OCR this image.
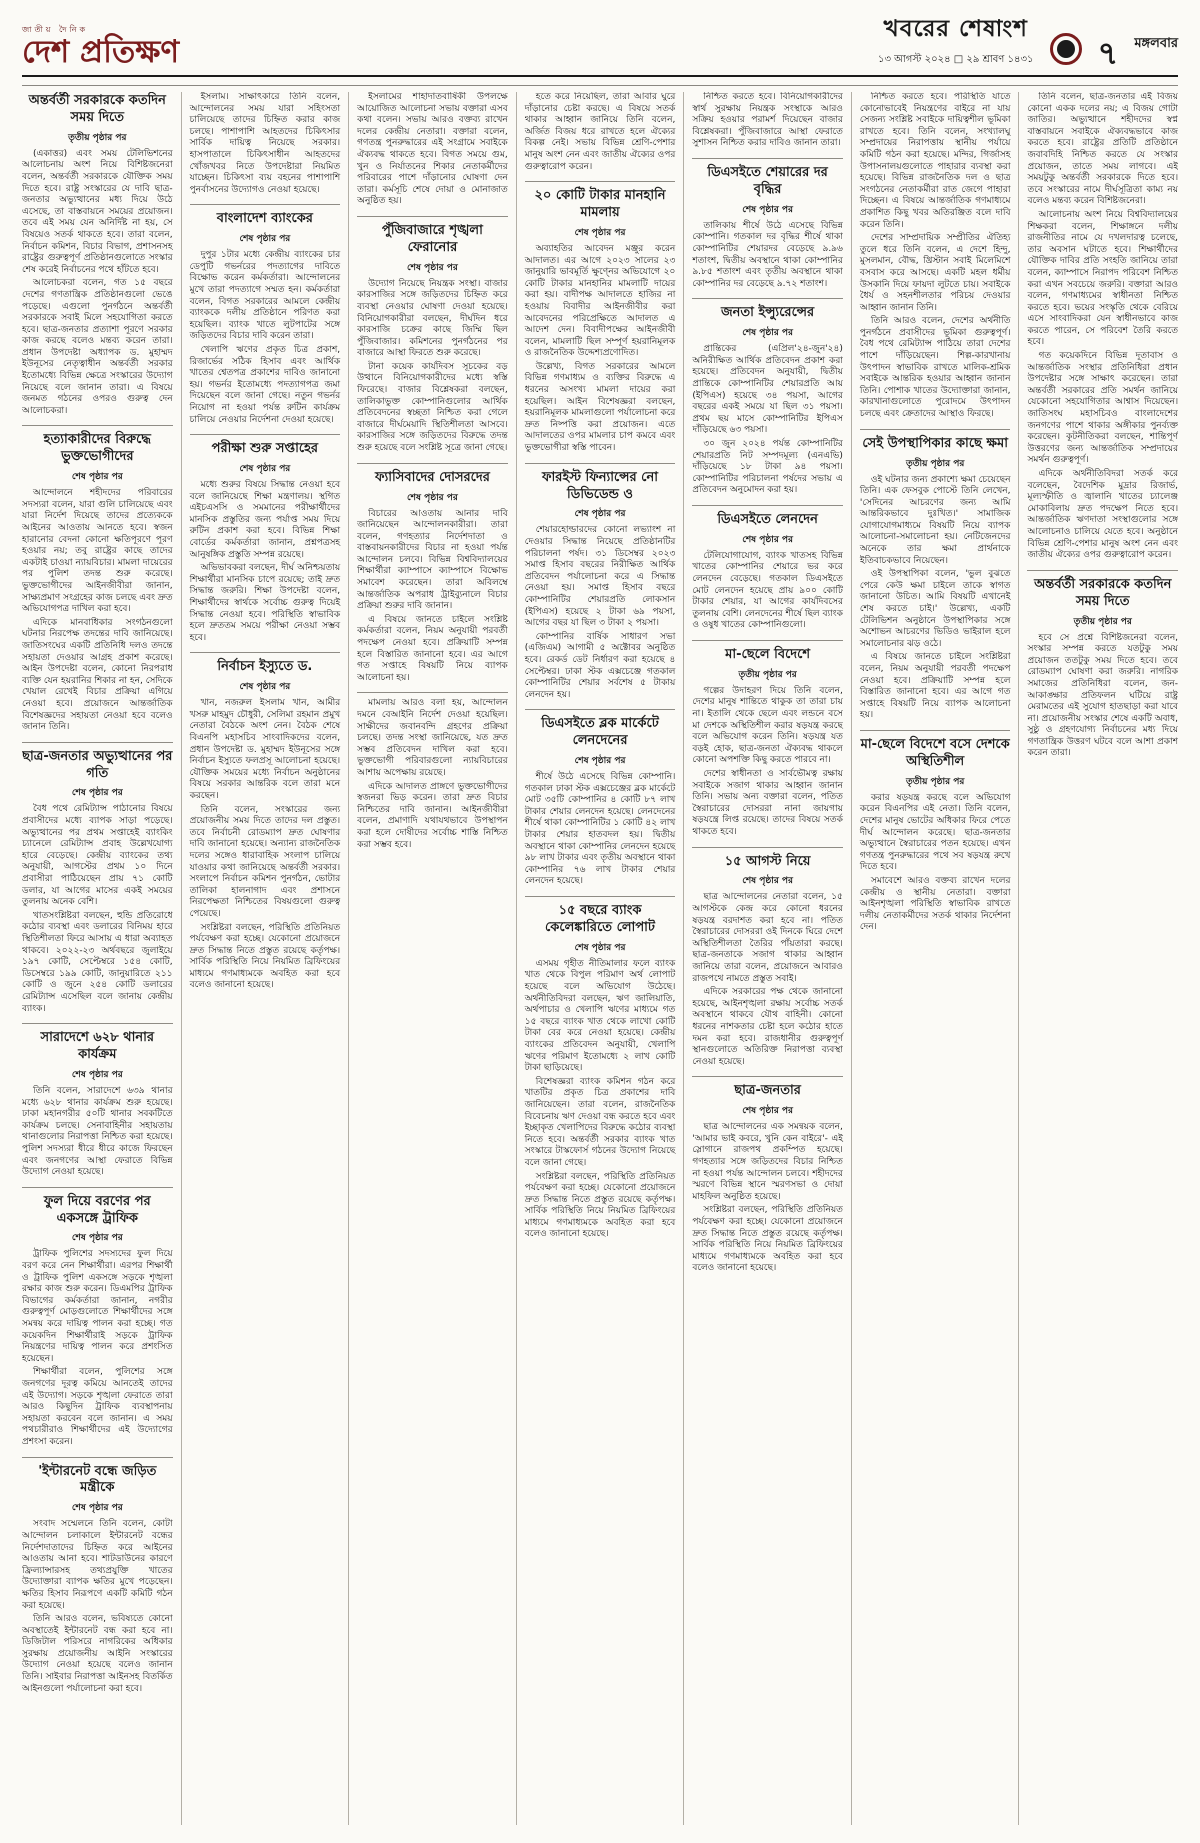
জাতীয় দৈনিক
দেশ প্রতিক্ষণ
খবরের শেষাংশ
১৩ আগস্ট ২০২৪ □ ২৯ শ্রাবণ ১৪৩১ ৭ মঙ্গলবার
অন্তর্বর্তী সরকারকে কতদিন সময় দিতে
তৃতীয় পৃষ্ঠার পর

(একাত্তর) এবং সময় টেলিভিশনের আলোচনায় অংশ নিয়ে বিশিষ্টজনেরা বলেন, অন্তর্বর্তী সরকারকে যৌক্তিক সময় দিতে হবে। রাষ্ট্র সংস্কারের যে দাবি ছাত্র-জনতার অভ্যুত্থানের মধ্য দিয়ে উঠে এসেছে, তা বাস্তবায়নে সময়ের প্রয়োজন। তবে এই সময় যেন অনির্দিষ্ট না হয়, সে বিষয়েও সতর্ক থাকতে হবে। তারা বলেন, নির্বাচন কমিশন, বিচার বিভাগ, প্রশাসনসহ রাষ্ট্রের গুরুত্বপূর্ণ প্রতিষ্ঠানগুলোতে সংস্কার শেষ করেই নির্বাচনের পথে হাঁটতে হবে।

আলোচকরা বলেন, গত ১৫ বছরে দেশের গণতান্ত্রিক প্রতিষ্ঠানগুলো ভেঙে পড়েছে। এগুলো পুনর্গঠনে অন্তর্বর্তী সরকারকে সবাই মিলে সহযোগিতা করতে হবে। ছাত্র-জনতার প্রত্যাশা পূরণে সরকার কাজ করছে বলেও মন্তব্য করেন তারা। প্রধান উপদেষ্টা অধ্যাপক ড. মুহাম্মদ ইউনূসের নেতৃত্বাধীন অন্তর্বর্তী সরকার ইতোমধ্যে বিভিন্ন ক্ষেত্রে সংস্কারের উদ্যোগ নিয়েছে বলে জানান তারা। এ বিষয়ে জনমত গঠনের ওপরও গুরুত্ব দেন আলোচকরা।

হত্যাকারীদের বিরুদ্ধে ভুক্তভোগীদের
শেষ পৃষ্ঠার পর

আন্দোলনে শহীদদের পরিবারের সদস্যরা বলেন, যারা গুলি চালিয়েছে এবং যারা নির্দেশ দিয়েছে তাদের প্রত্যেককে আইনের আওতায় আনতে হবে। স্বজন হারানোর বেদনা কোনো ক্ষতিপূরণে পূরণ হওয়ার নয়; তবু রাষ্ট্রের কাছে তাদের একটাই চাওয়া ন্যায়বিচার। মামলা দায়েরের পর পুলিশ তদন্ত শুরু করেছে। ভুক্তভোগীদের আইনজীবীরা জানান, সাক্ষ্যপ্রমাণ সংগ্রহের কাজ চলছে এবং দ্রুত অভিযোগপত্র দাখিল করা হবে।

এদিকে মানবাধিকার সংগঠনগুলো ঘটনার নিরপেক্ষ তদন্তের দাবি জানিয়েছে। জাতিসংঘের একটি প্রতিনিধি দলও তদন্তে সহায়তা দেওয়ার আগ্রহ প্রকাশ করেছে। আইন উপদেষ্টা বলেন, কোনো নিরপরাধ ব্যক্তি যেন হয়রানির শিকার না হন, সেদিকে খেয়াল রেখেই বিচার প্রক্রিয়া এগিয়ে নেওয়া হবে। প্রয়োজনে আন্তর্জাতিক বিশেষজ্ঞদের সহায়তা নেওয়া হবে বলেও জানান তিনি।

ছাত্র-জনতার অভ্যুত্থানের পর গতি
শেষ পৃষ্ঠার পর

বৈধ পথে রেমিট্যান্স পাঠানোর বিষয়ে প্রবাসীদের মধ্যে ব্যাপক সাড়া পড়েছে। অভ্যুত্থানের পর প্রথম সপ্তাহেই ব্যাংকিং চ্যানেলে রেমিট্যান্স প্রবাহ উল্লেখযোগ্য হারে বেড়েছে। কেন্দ্রীয় ব্যাংকের তথ্য অনুযায়ী, আগস্টের প্রথম ১০ দিনে প্রবাসীরা পাঠিয়েছেন প্রায় ৭১ কোটি ডলার, যা আগের মাসের একই সময়ের তুলনায় অনেক বেশি।

খাতসংশ্লিষ্টরা বলছেন, হুন্ডি প্রতিরোধে কঠোর ব্যবস্থা এবং ডলারের বিনিময় হারে স্থিতিশীলতা ফিরে আসায় এ ধারা অব্যাহত থাকবে। ২০২২-২৩ অর্থবছরে জুলাইয়ে ১৯৭ কোটি, সেপ্টেম্বরে ১৫৪ কোটি, ডিসেম্বরে ১৯৯ কোটি, জানুয়ারিতে ২১১ কোটি ও জুনে ২৫৪ কোটি ডলারের রেমিট্যান্স এসেছিল বলে জানায় কেন্দ্রীয় ব্যাংক।

সারাদেশে ৬২৮ থানার কার্যক্রম
শেষ পৃষ্ঠার পর

তিনি বলেন, সারাদেশে ৬৩৯ থানার মধ্যে ৬২৮ থানার কার্যক্রম শুরু হয়েছে। ঢাকা মহানগরীর ৫০টি থানার সবকটিতে কার্যক্রম চলছে। সেনাবাহিনীর সহায়তায় থানাগুলোর নিরাপত্তা নিশ্চিত করা হয়েছে। পুলিশ সদস্যরা ধীরে ধীরে কাজে ফিরছেন এবং জনগণের আস্থা ফেরাতে বিভিন্ন উদ্যোগ নেওয়া হয়েছে।

ফুল দিয়ে বরণের পর একসঙ্গে ট্রাফিক
শেষ পৃষ্ঠার পর

ট্রাফিক পুলিশের সদস্যদের ফুল দিয়ে বরণ করে নেন শিক্ষার্থীরা। এরপর শিক্ষার্থী ও ট্রাফিক পুলিশ একসঙ্গে সড়কে শৃঙ্খলা রক্ষার কাজ শুরু করেন। ডিএমপির ট্রাফিক বিভাগের কর্মকর্তারা জানান, নগরীর গুরুত্বপূর্ণ মোড়গুলোতে শিক্ষার্থীদের সঙ্গে সমন্বয় করে দায়িত্ব পালন করা হচ্ছে। গত কয়েকদিন শিক্ষার্থীরাই সড়কে ট্রাফিক নিয়ন্ত্রণের দায়িত্ব পালন করে প্রশংসিত হয়েছেন।

শিক্ষার্থীরা বলেন, পুলিশের সঙ্গে জনগণের দূরত্ব কমিয়ে আনতেই তাদের এই উদ্যোগ। সড়কে শৃঙ্খলা ফেরাতে তারা আরও কিছুদিন ট্রাফিক ব্যবস্থাপনায় সহায়তা করবেন বলে জানান। এ সময় পথচারীরাও শিক্ষার্থীদের এই উদ্যোগের প্রশংসা করেন।

'ইন্টারনেট বন্ধে জড়িত মন্ত্রীকে
শেষ পৃষ্ঠার পর

সংবাদ সম্মেলনে তিনি বলেন, কোটা আন্দোলন চলাকালে ইন্টারনেট বন্ধের নির্দেশদাতাদের চিহ্নিত করে আইনের আওতায় আনা হবে। শাটডাউনের কারণে ফ্রিল্যান্সারসহ তথ্যপ্রযুক্তি খাতের উদ্যোক্তারা ব্যাপক ক্ষতির মুখে পড়েছেন। ক্ষতির হিসাব নিরূপণে একটি কমিটি গঠন করা হয়েছে।

তিনি আরও বলেন, ভবিষ্যতে কোনো অবস্থাতেই ইন্টারনেট বন্ধ করা হবে না। ডিজিটাল পরিসরে নাগরিকের অধিকার সুরক্ষায় প্রয়োজনীয় আইনি সংস্কারের উদ্যোগ নেওয়া হয়েছে বলেও জানান তিনি। সাইবার নিরাপত্তা আইনসহ বিতর্কিত আইনগুলো পর্যালোচনা করা হবে।

ইসলাম। সাক্ষাৎকারে তিনি বলেন, আন্দোলনের সময় যারা সহিংসতা চালিয়েছে তাদের চিহ্নিত করার কাজ চলছে। পাশাপাশি আহতদের চিকিৎসার সার্বিক দায়িত্ব নিয়েছে সরকার। হাসপাতালে চিকিৎসাধীন আহতদের খোঁজখবর নিতে উপদেষ্টারা নিয়মিত যাচ্ছেন। চিকিৎসা ব্যয় বহনের পাশাপাশি পুনর্বাসনের উদ্যোগও নেওয়া হয়েছে।

বাংলাদেশ ব্যাংকের
শেষ পৃষ্ঠার পর

দুপুর ১টার মধ্যে কেন্দ্রীয় ব্যাংকের চার ডেপুটি গভর্নরের পদত্যাগের দাবিতে বিক্ষোভ করেন কর্মকর্তারা। আন্দোলনের মুখে তারা পদত্যাগে সম্মত হন। কর্মকর্তারা বলেন, বিগত সরকারের আমলে কেন্দ্রীয় ব্যাংককে দলীয় প্রতিষ্ঠানে পরিণত করা হয়েছিল। ব্যাংক খাতে লুটপাটের সঙ্গে জড়িতদের বিচার দাবি করেন তারা।

খেলাপি ঋণের প্রকৃত চিত্র প্রকাশ, রিজার্ভের সঠিক হিসাব এবং আর্থিক খাতের শ্বেতপত্র প্রকাশের দাবিও জানানো হয়। গভর্নর ইতোমধ্যে পদত্যাগপত্র জমা দিয়েছেন বলে জানা গেছে। নতুন গভর্নর নিয়োগ না হওয়া পর্যন্ত রুটিন কার্যক্রম চালিয়ে নেওয়ার নির্দেশনা দেওয়া হয়েছে।

পরীক্ষা শুরু সপ্তাহের
শেষ পৃষ্ঠার পর

মধ্যে শুরুর বিষয়ে সিদ্ধান্ত নেওয়া হবে বলে জানিয়েছে শিক্ষা মন্ত্রণালয়। স্থগিত এইচএসসি ও সমমানের পরীক্ষার্থীদের মানসিক প্রস্তুতির জন্য পর্যাপ্ত সময় দিয়ে রুটিন প্রকাশ করা হবে। বিভিন্ন শিক্ষা বোর্ডের কর্মকর্তারা জানান, প্রশ্নপত্রসহ আনুষঙ্গিক প্রস্তুতি সম্পন্ন রয়েছে।

অভিভাবকরা বলছেন, দীর্ঘ অনিশ্চয়তায় শিক্ষার্থীরা মানসিক চাপে রয়েছে; তাই দ্রুত সিদ্ধান্ত জরুরি। শিক্ষা উপদেষ্টা বলেন, শিক্ষার্থীদের স্বার্থকে সর্বোচ্চ গুরুত্ব দিয়েই সিদ্ধান্ত নেওয়া হবে। পরিস্থিতি স্বাভাবিক হলে দ্রুততম সময়ে পরীক্ষা নেওয়া সম্ভব হবে।

নির্বাচন ইস্যুতে ড.
শেষ পৃষ্ঠার পর

খান, নজরুল ইসলাম খান, আমীর খসরু মাহমুদ চৌধুরী, সেলিমা রহমান প্রমুখ নেতারা বৈঠকে অংশ নেন। বৈঠক শেষে বিএনপি মহাসচিব সাংবাদিকদের বলেন, প্রধান উপদেষ্টা ড. মুহাম্মদ ইউনূসের সঙ্গে নির্বাচন ইস্যুতে ফলপ্রসূ আলোচনা হয়েছে। যৌক্তিক সময়ের মধ্যে নির্বাচন অনুষ্ঠানের বিষয়ে সরকার আন্তরিক বলে তারা মনে করছেন।

তিনি বলেন, সংস্কারের জন্য প্রয়োজনীয় সময় দিতে তাদের দল প্রস্তুত। তবে নির্বাচনী রোডম্যাপ দ্রুত ঘোষণার দাবি জানানো হয়েছে। অন্যান্য রাজনৈতিক দলের সঙ্গেও ধারাবাহিক সংলাপ চালিয়ে যাওয়ার কথা জানিয়েছে অন্তর্বর্তী সরকার। সংলাপে নির্বাচন কমিশন পুনর্গঠন, ভোটার তালিকা হালনাগাদ এবং প্রশাসনে নিরপেক্ষতা নিশ্চিতের বিষয়গুলো গুরুত্ব পেয়েছে।

সংশ্লিষ্টরা বলছেন, পরিস্থিতি প্রতিনিয়ত পর্যবেক্ষণ করা হচ্ছে। যেকোনো প্রয়োজনে দ্রুত সিদ্ধান্ত নিতে প্রস্তুত রয়েছে কর্তৃপক্ষ। সার্বিক পরিস্থিতি নিয়ে নিয়মিত ব্রিফিংয়ের মাধ্যমে গণমাধ্যমকে অবহিত করা হবে বলেও জানানো হয়েছে।

ইসলামের শাহাদাতবার্ষিকী উপলক্ষে আয়োজিত আলোচনা সভায় বক্তারা এসব কথা বলেন। সভায় আরও বক্তব্য রাখেন দলের কেন্দ্রীয় নেতারা। বক্তারা বলেন, গণতন্ত্র পুনরুদ্ধারের এই সংগ্রামে সবাইকে ঐক্যবদ্ধ থাকতে হবে। বিগত সময়ে গুম, খুন ও নির্যাতনের শিকার নেতাকর্মীদের পরিবারের পাশে দাঁড়ানোর ঘোষণা দেন তারা। কর্মসূচি শেষে দোয়া ও মোনাজাত অনুষ্ঠিত হয়।

পুঁজিবাজারে শৃঙ্খলা ফেরানোর
শেষ পৃষ্ঠার পর

উদ্যোগ নিয়েছে নিয়ন্ত্রক সংস্থা। বাজার কারসাজির সঙ্গে জড়িতদের চিহ্নিত করে ব্যবস্থা নেওয়ার ঘোষণা দেওয়া হয়েছে। বিনিয়োগকারীরা বলছেন, দীর্ঘদিন ধরে কারসাজি চক্রের কাছে জিম্মি ছিল পুঁজিবাজার। কমিশনের পুনর্গঠনের পর বাজারে আস্থা ফিরতে শুরু করেছে।

টানা কয়েক কার্যদিবস সূচকের বড় উত্থানে বিনিয়োগকারীদের মধ্যে স্বস্তি ফিরেছে। বাজার বিশ্লেষকরা বলছেন, তালিকাভুক্ত কোম্পানিগুলোর আর্থিক প্রতিবেদনের স্বচ্ছতা নিশ্চিত করা গেলে বাজারে দীর্ঘমেয়াদি স্থিতিশীলতা আসবে। কারসাজির সঙ্গে জড়িতদের বিরুদ্ধে তদন্ত শুরু হয়েছে বলে সংশ্লিষ্ট সূত্রে জানা গেছে।

ফ্যাসিবাদের দোসরদের
শেষ পৃষ্ঠার পর

বিচারের আওতায় আনার দাবি জানিয়েছেন আন্দোলনকারীরা। তারা বলেন, গণহত্যার নির্দেশদাতা ও বাস্তবায়নকারীদের বিচার না হওয়া পর্যন্ত আন্দোলন চলবে। বিভিন্ন বিশ্ববিদ্যালয়ের শিক্ষার্থীরা ক্যাম্পাসে ক্যাম্পাসে বিক্ষোভ সমাবেশ করেছেন। তারা অবিলম্বে আন্তর্জাতিক অপরাধ ট্রাইব্যুনালে বিচার প্রক্রিয়া শুরুর দাবি জানান।

এ বিষয়ে জানতে চাইলে সংশ্লিষ্ট কর্মকর্তারা বলেন, নিয়ম অনুযায়ী পরবর্তী পদক্ষেপ নেওয়া হবে। প্রক্রিয়াটি সম্পন্ন হলে বিস্তারিত জানানো হবে। এর আগে গত সপ্তাহে বিষয়টি নিয়ে ব্যাপক আলোচনা হয়।

মামলায় আরও বলা হয়, আন্দোলন দমনে বেআইনি নির্দেশ দেওয়া হয়েছিল। সাক্ষীদের জবানবন্দি গ্রহণের প্রক্রিয়া চলছে। তদন্ত সংস্থা জানিয়েছে, যত দ্রুত সম্ভব প্রতিবেদন দাখিল করা হবে। ভুক্তভোগী পরিবারগুলো ন্যায়বিচারের আশায় অপেক্ষায় রয়েছে।

এদিকে আদালত প্রাঙ্গণে ভুক্তভোগীদের স্বজনরা ভিড় করেন। তারা দ্রুত বিচার নিশ্চিতের দাবি জানান। আইনজীবীরা বলেন, প্রমাণাদি যথাযথভাবে উপস্থাপন করা হলে দোষীদের সর্বোচ্চ শাস্তি নিশ্চিত করা সম্ভব হবে।

হতে করে নিয়েছিল, তারা আবার ঘুরে দাঁড়ানোর চেষ্টা করছে। এ বিষয়ে সতর্ক থাকার আহ্বান জানিয়ে তিনি বলেন, অর্জিত বিজয় ধরে রাখতে হলে ঐক্যের বিকল্প নেই। সভায় বিভিন্ন শ্রেণি-পেশার মানুষ অংশ নেন এবং জাতীয় ঐক্যের ওপর গুরুত্বারোপ করেন।

২০ কোটি টাকার মানহানি মামলায়
শেষ পৃষ্ঠার পর

অব্যাহতির আবেদন মঞ্জুর করেন আদালত। এর আগে ২০২৩ সালের ২৩ জানুয়ারি ভাবমূর্তি ক্ষুণ্নের অভিযোগে ২০ কোটি টাকার মানহানির মামলাটি দায়ের করা হয়। বাদীপক্ষ আদালতে হাজির না হওয়ায় বিবাদীর আইনজীবীর করা আবেদনের পরিপ্রেক্ষিতে আদালত এ আদেশ দেন। বিবাদীপক্ষের আইনজীবী বলেন, মামলাটি ছিল সম্পূর্ণ হয়রানিমূলক ও রাজনৈতিক উদ্দেশ্যপ্রণোদিত।

উল্লেখ্য, বিগত সরকারের আমলে বিভিন্ন গণমাধ্যম ও ব্যক্তির বিরুদ্ধে এ ধরনের অসংখ্য মামলা দায়ের করা হয়েছিল। আইন বিশেষজ্ঞরা বলছেন, হয়রানিমূলক মামলাগুলো পর্যালোচনা করে দ্রুত নিষ্পত্তি করা প্রয়োজন। এতে আদালতের ওপর মামলার চাপ কমবে এবং ভুক্তভোগীরা স্বস্তি পাবেন।

ফারইস্ট ফিন্যান্সের নো ডিভিডেন্ড ও
শেষ পৃষ্ঠার পর

শেয়ারহোল্ডারদের কোনো লভ্যাংশ না দেওয়ার সিদ্ধান্ত নিয়েছে প্রতিষ্ঠানটির পরিচালনা পর্ষদ। ৩১ ডিসেম্বর ২০২৩ সমাপ্ত হিসাব বছরের নিরীক্ষিত আর্থিক প্রতিবেদন পর্যালোচনা করে এ সিদ্ধান্ত নেওয়া হয়। সমাপ্ত হিসাব বছরে কোম্পানিটির শেয়ারপ্রতি লোকসান (ইপিএস) হয়েছে ২ টাকা ৬৯ পয়সা, আগের বছর যা ছিল ৩ টাকা ২ পয়সা।

কোম্পানির বার্ষিক সাধারণ সভা (এজিএম) আগামী ৫ অক্টোবর অনুষ্ঠিত হবে। রেকর্ড ডেট নির্ধারণ করা হয়েছে ৪ সেপ্টেম্বর। ঢাকা স্টক এক্সচেঞ্জে গতকাল কোম্পানিটির শেয়ার সর্বশেষ ৫ টাকায় লেনদেন হয়।

ডিএসইতে ব্লক মার্কেটে লেনদেনের
শেষ পৃষ্ঠার পর

শীর্ষে উঠে এসেছে বিভিন্ন কোম্পানি। গতকাল ঢাকা স্টক এক্সচেঞ্জের ব্লক মার্কেটে মোট ৩৫টি কোম্পানির ৪ কোটি ৮৭ লাখ টাকার শেয়ার লেনদেন হয়েছে। লেনদেনের শীর্ষে থাকা কোম্পানিটির ১ কোটি ৪২ লাখ টাকার শেয়ার হাতবদল হয়। দ্বিতীয় অবস্থানে থাকা কোম্পানির লেনদেন হয়েছে ৯৮ লাখ টাকার এবং তৃতীয় অবস্থানে থাকা কোম্পানির ৭৬ লাখ টাকার শেয়ার লেনদেন হয়েছে।

১৫ বছরে ব্যাংক কেলেঙ্কারিতে লোপাট
শেষ পৃষ্ঠার পর

এসময় গৃহীত নীতিমালার ফলে ব্যাংক খাত থেকে বিপুল পরিমাণ অর্থ লোপাট হয়েছে বলে অভিযোগ উঠেছে। অর্থনীতিবিদরা বলছেন, ঋণ জালিয়াতি, অর্থপাচার ও খেলাপি ঋণের মাধ্যমে গত ১৫ বছরে ব্যাংক খাত থেকে লাখো কোটি টাকা বের করে নেওয়া হয়েছে। কেন্দ্রীয় ব্যাংকের প্রতিবেদন অনুযায়ী, খেলাপি ঋণের পরিমাণ ইতোমধ্যে ২ লাখ কোটি টাকা ছাড়িয়েছে।

বিশেষজ্ঞরা ব্যাংক কমিশন গঠন করে খাতটির প্রকৃত চিত্র প্রকাশের দাবি জানিয়েছেন। তারা বলেন, রাজনৈতিক বিবেচনায় ঋণ দেওয়া বন্ধ করতে হবে এবং ইচ্ছাকৃত খেলাপিদের বিরুদ্ধে কঠোর ব্যবস্থা নিতে হবে। অন্তর্বর্তী সরকার ব্যাংক খাত সংস্কারে টাস্কফোর্স গঠনের উদ্যোগ নিয়েছে বলে জানা গেছে।

সংশ্লিষ্টরা বলছেন, পরিস্থিতি প্রতিনিয়ত পর্যবেক্ষণ করা হচ্ছে। যেকোনো প্রয়োজনে দ্রুত সিদ্ধান্ত নিতে প্রস্তুত রয়েছে কর্তৃপক্ষ। সার্বিক পরিস্থিতি নিয়ে নিয়মিত ব্রিফিংয়ের মাধ্যমে গণমাধ্যমকে অবহিত করা হবে বলেও জানানো হয়েছে।

নিশ্চিত করতে হবে। বিনিয়োগকারীদের স্বার্থ সুরক্ষায় নিয়ন্ত্রক সংস্থাকে আরও সক্রিয় হওয়ার পরামর্শ দিয়েছেন বাজার বিশ্লেষকরা। পুঁজিবাজারে আস্থা ফেরাতে সুশাসন নিশ্চিত করার দাবিও জানান তারা।

ডিএসইতে শেয়ারের দর বৃদ্ধির
শেষ পৃষ্ঠার পর

তালিকায় শীর্ষে উঠে এসেছে বিভিন্ন কোম্পানি। গতকাল দর বৃদ্ধির শীর্ষে থাকা কোম্পানিটির শেয়ারদর বেড়েছে ৯.৯৬ শতাংশ, দ্বিতীয় অবস্থানে থাকা কোম্পানির ৯.৮৫ শতাংশ এবং তৃতীয় অবস্থানে থাকা কোম্পানির দর বেড়েছে ৯.৭২ শতাংশ।

জনতা ইন্স্যুরেন্সের
শেষ পৃষ্ঠার পর

প্রান্তিকের (এপ্রিল'২৪-জুন'২৪) অনিরীক্ষিত আর্থিক প্রতিবেদন প্রকাশ করা হয়েছে। প্রতিবেদন অনুযায়ী, দ্বিতীয় প্রান্তিকে কোম্পানিটির শেয়ারপ্রতি আয় (ইপিএস) হয়েছে ৩৪ পয়সা, আগের বছরের একই সময়ে যা ছিল ৩১ পয়সা। প্রথম ছয় মাসে কোম্পানিটির ইপিএস দাঁড়িয়েছে ৬৩ পয়সা।

৩০ জুন ২০২৪ পর্যন্ত কোম্পানিটির শেয়ারপ্রতি নিট সম্পদমূল্য (এনএভি) দাঁড়িয়েছে ১৮ টাকা ৯৪ পয়সা। কোম্পানিটির পরিচালনা পর্ষদের সভায় এ প্রতিবেদন অনুমোদন করা হয়।

ডিএসইতে লেনদেন
শেষ পৃষ্ঠার পর

টেলিযোগাযোগ, ব্যাংক খাতসহ বিভিন্ন খাতের কোম্পানির শেয়ারে ভর করে লেনদেন বেড়েছে। গতকাল ডিএসইতে মোট লেনদেন হয়েছে প্রায় ৯০০ কোটি টাকার শেয়ার, যা আগের কার্যদিবসের তুলনায় বেশি। লেনদেনের শীর্ষে ছিল ব্যাংক ও ওষুধ খাতের কোম্পানিগুলো।

মা-ছেলে বিদেশে
তৃতীয় পৃষ্ঠার পর

গল্পের উদাহরণ দিয়ে তিনি বলেন, দেশের মানুষ শান্তিতে থাকুক তা তারা চায় না। ইতালি থেকে ছেলে এবং লন্ডনে বসে মা দেশকে অস্থিতিশীল করার ষড়যন্ত্র করছে বলে অভিযোগ করেন তিনি। ষড়যন্ত্র যত বড়ই হোক, ছাত্র-জনতা ঐক্যবদ্ধ থাকলে কোনো অপশক্তি কিছু করতে পারবে না।

দেশের স্বাধীনতা ও সার্বভৌমত্ব রক্ষায় সবাইকে সজাগ থাকার আহ্বান জানান তিনি। সভায় অন্য বক্তারা বলেন, পতিত স্বৈরাচারের দোসররা নানা জায়গায় ষড়যন্ত্রে লিপ্ত রয়েছে। তাদের বিষয়ে সতর্ক থাকতে হবে।

১৫ আগস্ট নিয়ে
শেষ পৃষ্ঠার পর

ছাত্র আন্দোলনের নেতারা বলেন, ১৫ আগস্টকে কেন্দ্র করে কোনো ধরনের ষড়যন্ত্র বরদাশত করা হবে না। পতিত স্বৈরাচারের দোসররা ওই দিনকে ঘিরে দেশে অস্থিতিশীলতা তৈরির পাঁয়তারা করছে। ছাত্র-জনতাকে সজাগ থাকার আহ্বান জানিয়ে তারা বলেন, প্রয়োজনে আবারও রাজপথে নামতে প্রস্তুত সবাই।

এদিকে সরকারের পক্ষ থেকে জানানো হয়েছে, আইনশৃঙ্খলা রক্ষায় সর্বোচ্চ সতর্ক অবস্থানে থাকবে যৌথ বাহিনী। কোনো ধরনের নাশকতার চেষ্টা হলে কঠোর হাতে দমন করা হবে। রাজধানীর গুরুত্বপূর্ণ স্থানগুলোতে অতিরিক্ত নিরাপত্তা ব্যবস্থা নেওয়া হয়েছে।

ছাত্র-জনতার
শেষ পৃষ্ঠার পর

ছাত্র আন্দোলনের এক সমন্বয়ক বলেন, 'আমার ভাই কবরে, খুনি কেন বাইরে'- এই স্লোগানে রাজপথ প্রকম্পিত হয়েছে। গণহত্যার সঙ্গে জড়িতদের বিচার নিশ্চিত না হওয়া পর্যন্ত আন্দোলন চলবে। শহীদদের স্মরণে বিভিন্ন স্থানে স্মরণসভা ও দোয়া মাহফিল অনুষ্ঠিত হয়েছে।

সংশ্লিষ্টরা বলছেন, পরিস্থিতি প্রতিনিয়ত পর্যবেক্ষণ করা হচ্ছে। যেকোনো প্রয়োজনে দ্রুত সিদ্ধান্ত নিতে প্রস্তুত রয়েছে কর্তৃপক্ষ। সার্বিক পরিস্থিতি নিয়ে নিয়মিত ব্রিফিংয়ের মাধ্যমে গণমাধ্যমকে অবহিত করা হবে বলেও জানানো হয়েছে।

নিশ্চিত করতে হবে। পরিস্থিতি যাতে কোনোভাবেই নিয়ন্ত্রণের বাইরে না যায় সেজন্য সংশ্লিষ্ট সবাইকে দায়িত্বশীল ভূমিকা রাখতে হবে। তিনি বলেন, সংখ্যালঘু সম্প্রদায়ের নিরাপত্তায় স্থানীয় পর্যায়ে কমিটি গঠন করা হয়েছে। মন্দির, গির্জাসহ উপাসনালয়গুলোতে পাহারার ব্যবস্থা করা হয়েছে। বিভিন্ন রাজনৈতিক দল ও ছাত্র সংগঠনের নেতাকর্মীরা রাত জেগে পাহারা দিচ্ছেন। এ বিষয়ে আন্তর্জাতিক গণমাধ্যমে প্রকাশিত কিছু খবর অতিরঞ্জিত বলে দাবি করেন তিনি।

দেশের সাম্প্রদায়িক সম্প্রীতির ঐতিহ্য তুলে ধরে তিনি বলেন, এ দেশে হিন্দু, মুসলমান, বৌদ্ধ, খ্রিস্টান সবাই মিলেমিশে বসবাস করে আসছে। একটি মহল ধর্মীয় উসকানি দিয়ে ফায়দা লুটতে চায়। সবাইকে ধৈর্য ও সহনশীলতার পরিচয় দেওয়ার আহ্বান জানান তিনি।

তিনি আরও বলেন, দেশের অর্থনীতি পুনর্গঠনে প্রবাসীদের ভূমিকা গুরুত্বপূর্ণ। বৈধ পথে রেমিট্যান্স পাঠিয়ে তারা দেশের পাশে দাঁড়িয়েছেন। শিল্প-কারখানায় উৎপাদন স্বাভাবিক রাখতে মালিক-শ্রমিক সবাইকে আন্তরিক হওয়ার আহ্বান জানান তিনি। পোশাক খাতের উদ্যোক্তারা জানান, কারখানাগুলোতে পুরোদমে উৎপাদন চলছে এবং ক্রেতাদের আস্থাও ফিরছে।

সেই উপস্থাপিকার কাছে ক্ষমা
তৃতীয় পৃষ্ঠার পর

ওই ঘটনার জন্য প্রকাশ্যে ক্ষমা চেয়েছেন তিনি। এক ফেসবুক পোস্টে তিনি লেখেন, 'সেদিনের আচরণের জন্য আমি আন্তরিকভাবে দুঃখিত।' সামাজিক যোগাযোগমাধ্যমে বিষয়টি নিয়ে ব্যাপক আলোচনা-সমালোচনা হয়। নেটিজেনদের অনেকে তার ক্ষমা প্রার্থনাকে ইতিবাচকভাবে নিয়েছেন।

ওই উপস্থাপিকা বলেন, 'ভুল বুঝতে পেরে কেউ ক্ষমা চাইলে তাকে স্বাগত জানানো উচিত। আমি বিষয়টি এখানেই শেষ করতে চাই।' উল্লেখ্য, একটি টেলিভিশন অনুষ্ঠানে উপস্থাপিকার সঙ্গে অশোভন আচরণের ভিডিও ভাইরাল হলে সমালোচনার ঝড় ওঠে।

এ বিষয়ে জানতে চাইলে সংশ্লিষ্টরা বলেন, নিয়ম অনুযায়ী পরবর্তী পদক্ষেপ নেওয়া হবে। প্রক্রিয়াটি সম্পন্ন হলে বিস্তারিত জানানো হবে। এর আগে গত সপ্তাহে বিষয়টি নিয়ে ব্যাপক আলোচনা হয়।

মা-ছেলে বিদেশে বসে দেশকে অস্থিতিশীল
তৃতীয় পৃষ্ঠার পর

করার ষড়যন্ত্র করছে বলে অভিযোগ করেন বিএনপির এই নেতা। তিনি বলেন, দেশের মানুষ ভোটের অধিকার ফিরে পেতে দীর্ঘ আন্দোলন করেছে। ছাত্র-জনতার অভ্যুত্থানে স্বৈরাচারের পতন হয়েছে। এখন গণতন্ত্র পুনরুদ্ধারের পথে সব ষড়যন্ত্র রুখে দিতে হবে।

সমাবেশে আরও বক্তব্য রাখেন দলের কেন্দ্রীয় ও স্থানীয় নেতারা। বক্তারা আইনশৃঙ্খলা পরিস্থিতি স্বাভাবিক রাখতে দলীয় নেতাকর্মীদের সতর্ক থাকার নির্দেশনা দেন।

তিনি বলেন, ছাত্র-জনতার এই বিজয় কোনো একক দলের নয়; এ বিজয় গোটা জাতির। অভ্যুত্থানে শহীদদের স্বপ্ন বাস্তবায়নে সবাইকে ঐক্যবদ্ধভাবে কাজ করতে হবে। রাষ্ট্রের প্রতিটি প্রতিষ্ঠানে জবাবদিহি নিশ্চিত করতে যে সংস্কার প্রয়োজন, তাতে সময় লাগবে। এই সময়টুকু অন্তর্বর্তী সরকারকে দিতে হবে। তবে সংস্কারের নামে দীর্ঘসূত্রিতা কাম্য নয় বলেও মন্তব্য করেন বিশিষ্টজনেরা।

আলোচনায় অংশ নিয়ে বিশ্ববিদ্যালয়ের শিক্ষকরা বলেন, শিক্ষাঙ্গনে দলীয় রাজনীতির নামে যে দখলদারত্ব চলেছে, তার অবসান ঘটাতে হবে। শিক্ষার্থীদের যৌক্তিক দাবির প্রতি সংহতি জানিয়ে তারা বলেন, ক্যাম্পাসে নিরাপদ পরিবেশ নিশ্চিত করা এখন সবচেয়ে জরুরি। বক্তারা আরও বলেন, গণমাধ্যমের স্বাধীনতা নিশ্চিত করতে হবে। ভয়ের সংস্কৃতি থেকে বেরিয়ে এসে সাংবাদিকরা যেন স্বাধীনভাবে কাজ করতে পারেন, সে পরিবেশ তৈরি করতে হবে।

গত কয়েকদিনে বিভিন্ন দূতাবাস ও আন্তর্জাতিক সংস্থার প্রতিনিধিরা প্রধান উপদেষ্টার সঙ্গে সাক্ষাৎ করেছেন। তারা অন্তর্বর্তী সরকারের প্রতি সমর্থন জানিয়ে যেকোনো সহযোগিতার আশ্বাস দিয়েছেন। জাতিসংঘ মহাসচিবও বাংলাদেশের জনগণের পাশে থাকার অঙ্গীকার পুনর্ব্যক্ত করেছেন। কূটনীতিকরা বলছেন, শান্তিপূর্ণ উত্তরণের জন্য আন্তর্জাতিক সম্প্রদায়ের সমর্থন গুরুত্বপূর্ণ।

এদিকে অর্থনীতিবিদরা সতর্ক করে বলেছেন, বৈদেশিক মুদ্রার রিজার্ভ, মূল্যস্ফীতি ও জ্বালানি খাতের চ্যালেঞ্জ মোকাবিলায় দ্রুত পদক্ষেপ নিতে হবে। আন্তর্জাতিক ঋণদাতা সংস্থাগুলোর সঙ্গে আলোচনাও চালিয়ে যেতে হবে। অনুষ্ঠানে বিভিন্ন শ্রেণি-পেশার মানুষ অংশ নেন এবং জাতীয় ঐক্যের ওপর গুরুত্বারোপ করেন।

অন্তর্বর্তী সরকারকে কতদিন সময় দিতে
তৃতীয় পৃষ্ঠার পর

হবে সে প্রশ্নে বিশিষ্টজনেরা বলেন, সংস্কার সম্পন্ন করতে যতটুকু সময় প্রয়োজন ততটুকু সময় দিতে হবে। তবে রোডম্যাপ ঘোষণা করা জরুরি। নাগরিক সমাজের প্রতিনিধিরা বলেন, জন-আকাঙ্ক্ষার প্রতিফলন ঘটিয়ে রাষ্ট্র মেরামতের এই সুযোগ হাতছাড়া করা যাবে না। প্রয়োজনীয় সংস্কার শেষে একটি অবাধ, সুষ্ঠু ও গ্রহণযোগ্য নির্বাচনের মধ্য দিয়ে গণতান্ত্রিক উত্তরণ ঘটবে বলে আশা প্রকাশ করেন তারা।
